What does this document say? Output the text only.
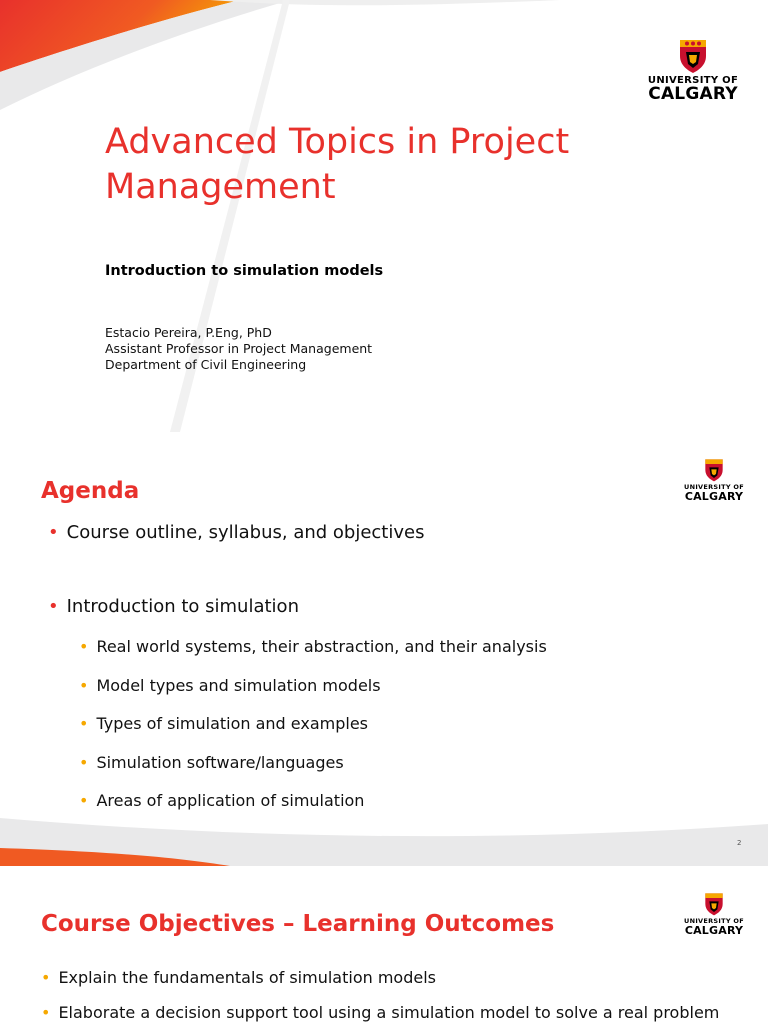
UNIVERSITY OF
CALGARY
Advanced Topics in Project Management
Introduction to simulation models
Estacio Pereira, P.Eng, PhD
Assistant Professor in Project Management
Department of Civil Engineering
UNIVERSITY OF
CALGARY
Agenda
• Course outline, syllabus, and objectives
• Introduction to simulation
• Real world systems, their abstraction, and their analysis
• Model types and simulation models
• Types of simulation and examples
• Simulation software/languages
• Areas of application of simulation
2
UNIVERSITY OF
CALGARY
Course Objectives – Learning Outcomes
• Explain the fundamentals of simulation models
• Elaborate a decision support tool using a simulation model to solve a real problem
